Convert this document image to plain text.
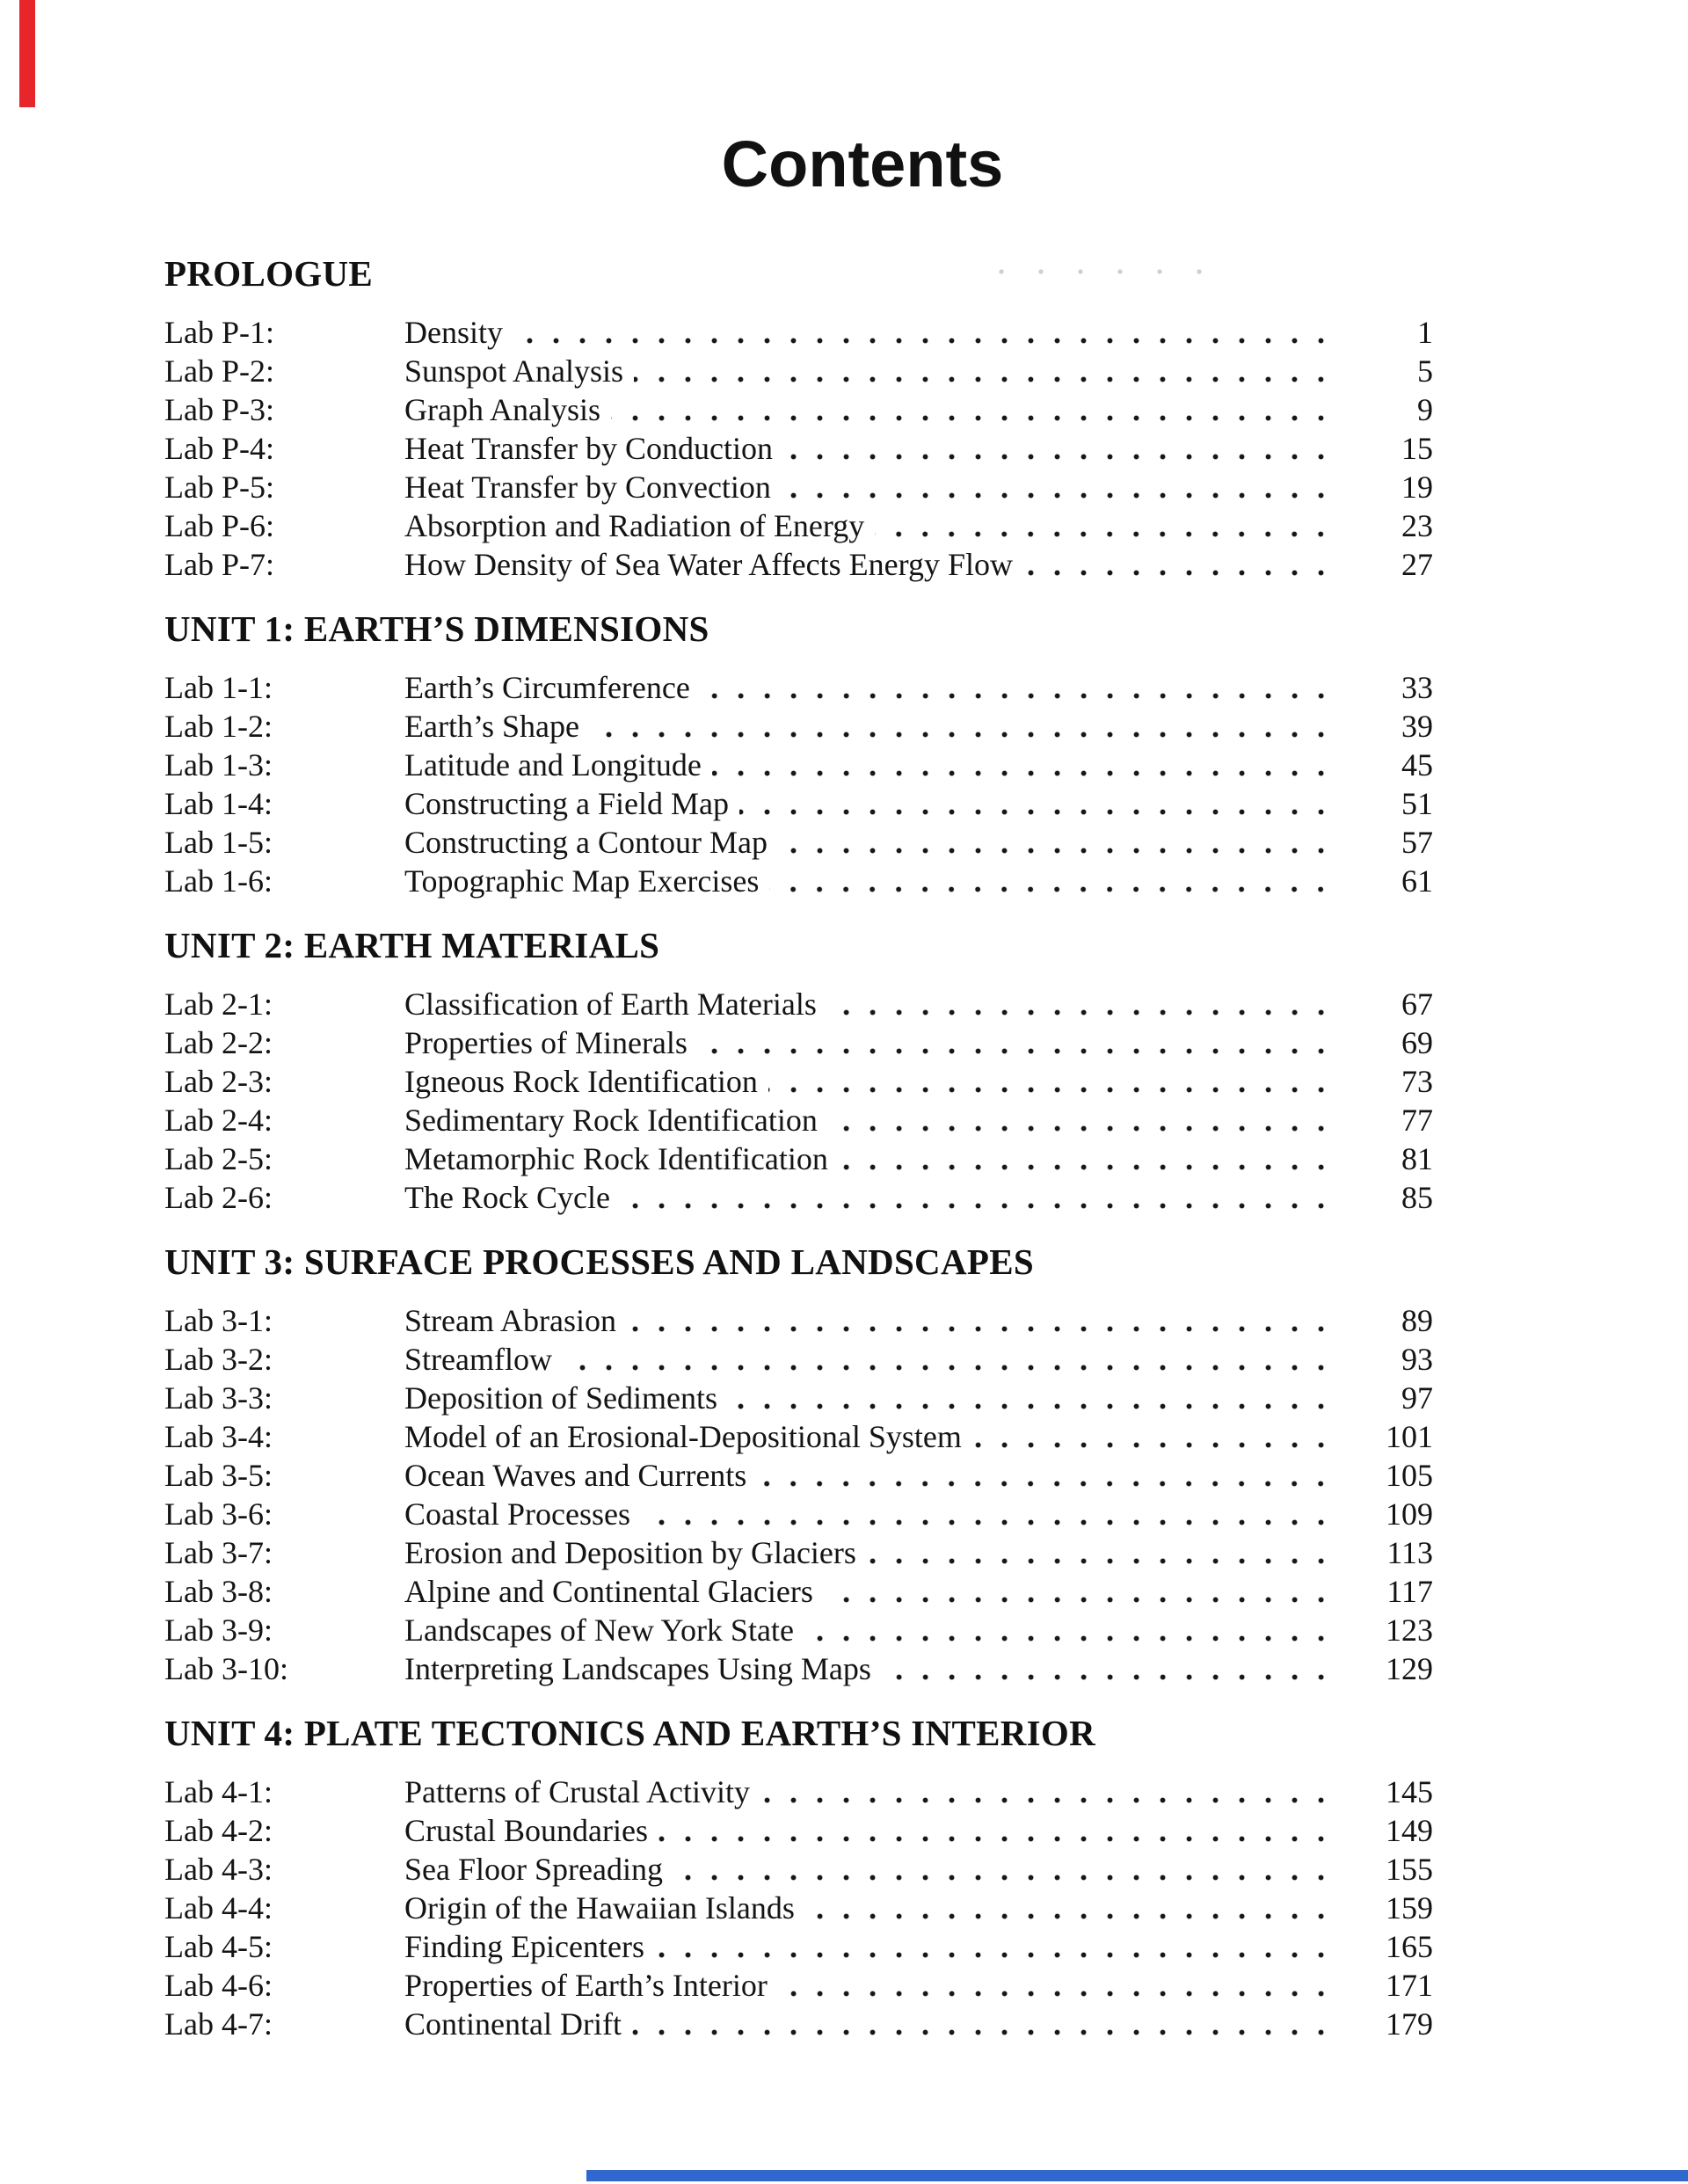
Contents
PROLOGUE
Lab P-1:	Density	1
Lab P-2:	Sunspot Analysis	5
Lab P-3:	Graph Analysis	9
Lab P-4:	Heat Transfer by Conduction	15
Lab P-5:	Heat Transfer by Convection	19
Lab P-6:	Absorption and Radiation of Energy	23
Lab P-7:	How Density of Sea Water Affects Energy Flow	27
UNIT 1: EARTH’S DIMENSIONS
Lab 1-1:	Earth’s Circumference	33
Lab 1-2:	Earth’s Shape	39
Lab 1-3:	Latitude and Longitude	45
Lab 1-4:	Constructing a Field Map	51
Lab 1-5:	Constructing a Contour Map	57
Lab 1-6:	Topographic Map Exercises	61
UNIT 2: EARTH MATERIALS
Lab 2-1:	Classification of Earth Materials	67
Lab 2-2:	Properties of Minerals	69
Lab 2-3:	Igneous Rock Identification	73
Lab 2-4:	Sedimentary Rock Identification	77
Lab 2-5:	Metamorphic Rock Identification	81
Lab 2-6:	The Rock Cycle	85
UNIT 3: SURFACE PROCESSES AND LANDSCAPES
Lab 3-1:	Stream Abrasion	89
Lab 3-2:	Streamflow	93
Lab 3-3:	Deposition of Sediments	97
Lab 3-4:	Model of an Erosional-Depositional System	101
Lab 3-5:	Ocean Waves and Currents	105
Lab 3-6:	Coastal Processes	109
Lab 3-7:	Erosion and Deposition by Glaciers	113
Lab 3-8:	Alpine and Continental Glaciers	117
Lab 3-9:	Landscapes of New York State	123
Lab 3-10:	Interpreting Landscapes Using Maps	129
UNIT 4: PLATE TECTONICS AND EARTH’S INTERIOR
Lab 4-1:	Patterns of Crustal Activity	145
Lab 4-2:	Crustal Boundaries	149
Lab 4-3:	Sea Floor Spreading	155
Lab 4-4:	Origin of the Hawaiian Islands	159
Lab 4-5:	Finding Epicenters	165
Lab 4-6:	Properties of Earth’s Interior	171
Lab 4-7:	Continental Drift	179
